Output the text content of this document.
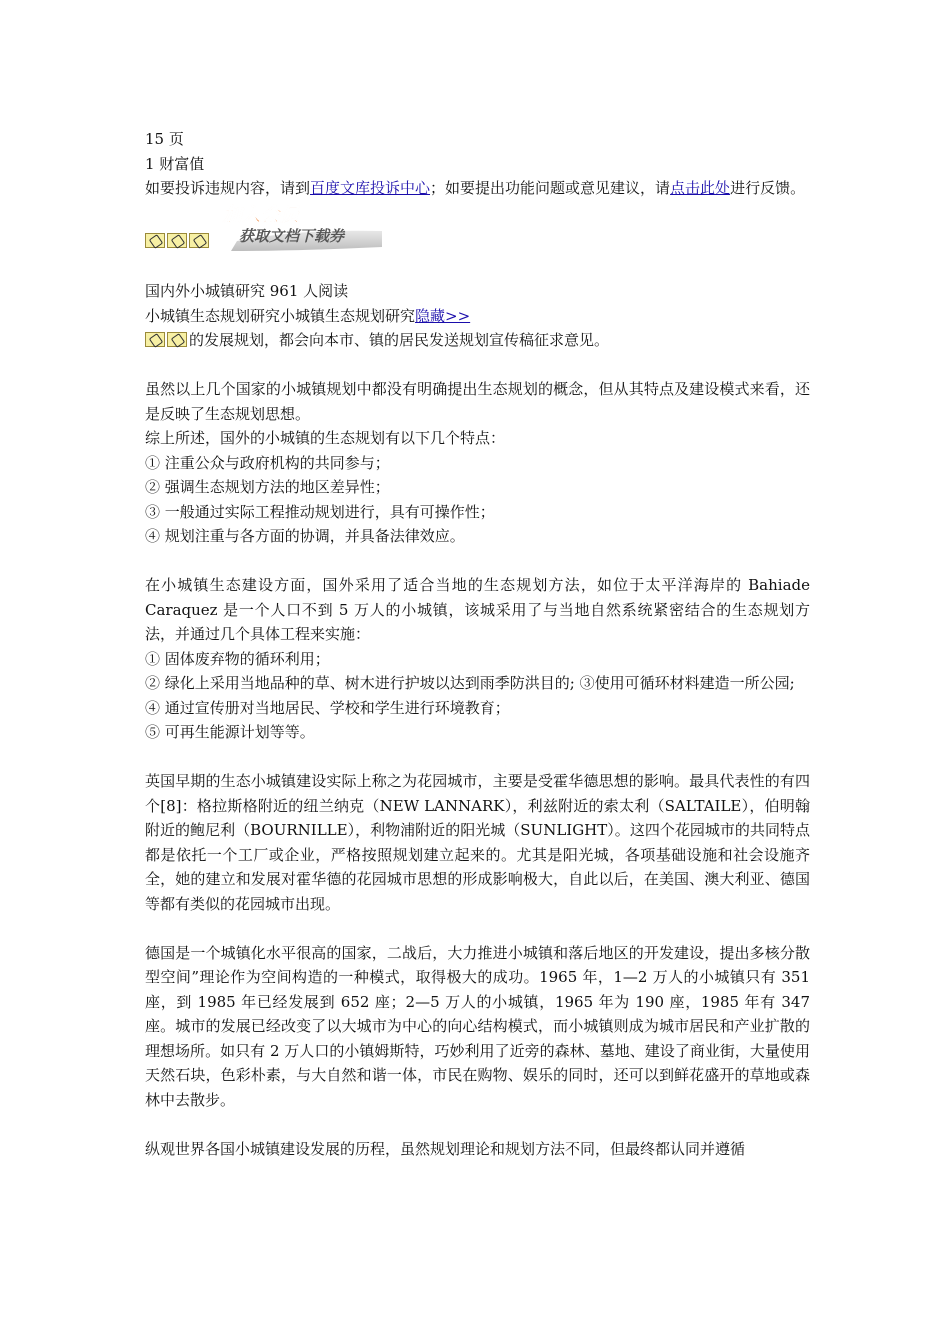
15 页
1 财富值
如要投诉违规内容，请到百度文库投诉中心；如要提出功能问题或意见建议，请点击此处进行反馈。
加入会员
获取文档下载券
国内外小城镇研究 961 人阅读
小城镇生态规划研究小城镇生态规划研究隐藏>>
的发展规划，都会向本市、镇的居民发送规划宣传稿征求意见。
虽然以上几个国家的小城镇规划中都没有明确提出生态规划的概念，但从其特点及建设模式来看，还是反映了生态规划思想。
综上所述，国外的小城镇的生态规划有以下几个特点：
① 注重公众与政府机构的共同参与；
② 强调生态规划方法的地区差异性；
③ 一般通过实际工程推动规划进行，具有可操作性；
④ 规划注重与各方面的协调，并具备法律效应。
在小城镇生态建设方面，国外采用了适合当地的生态规划方法，如位于太平洋海岸的 Bahiade Caraquez 是一个人口不到 5 万人的小城镇，该城采用了与当地自然系统紧密结合的生态规划方法，并通过几个具体工程来实施：
① 固体废弃物的循环利用；
② 绿化上采用当地品种的草、树木进行护坡以达到雨季防洪目的; ③使用可循环材料建造一所公园;
④ 通过宣传册对当地居民、学校和学生进行环境教育；
⑤ 可再生能源计划等等。
英国早期的生态小城镇建设实际上称之为花园城市，主要是受霍华德思想的影响。最具代表性的有四个[8]：格拉斯格附近的纽兰纳克（NEW LANNARK），利兹附近的索太利（SALTAILE），伯明翰附近的鲍尼利（BOURNILLE），利物浦附近的阳光城（SUNLIGHT）。这四个花园城市的共同特点都是依托一个工厂或企业，严格按照规划建立起来的。尤其是阳光城，各项基础设施和社会设施齐全，她的建立和发展对霍华德的花园城市思想的形成影响极大，自此以后，在美国、澳大利亚、德国等都有类似的花园城市出现。
德国是一个城镇化水平很高的国家，二战后，大力推进小城镇和落后地区的开发建设，提出多核分散型空间”理论作为空间构造的一种模式，取得极大的成功。1965 年，1—2 万人的小城镇只有 351 座，到 1985 年已经发展到 652 座；2—5 万人的小城镇，1965 年为 190 座，1985 年有 347 座。城市的发展已经改变了以大城市为中心的向心结构模式，而小城镇则成为城市居民和产业扩散的理想场所。如只有 2 万人口的小镇姆斯特，巧妙利用了近旁的森林、墓地、建设了商业街，大量使用天然石块，色彩朴素，与大自然和谐一体，市民在购物、娱乐的同时，还可以到鲜花盛开的草地或森林中去散步。
纵观世界各国小城镇建设发展的历程，虽然规划理论和规划方法不同，但最终都认同并遵循
